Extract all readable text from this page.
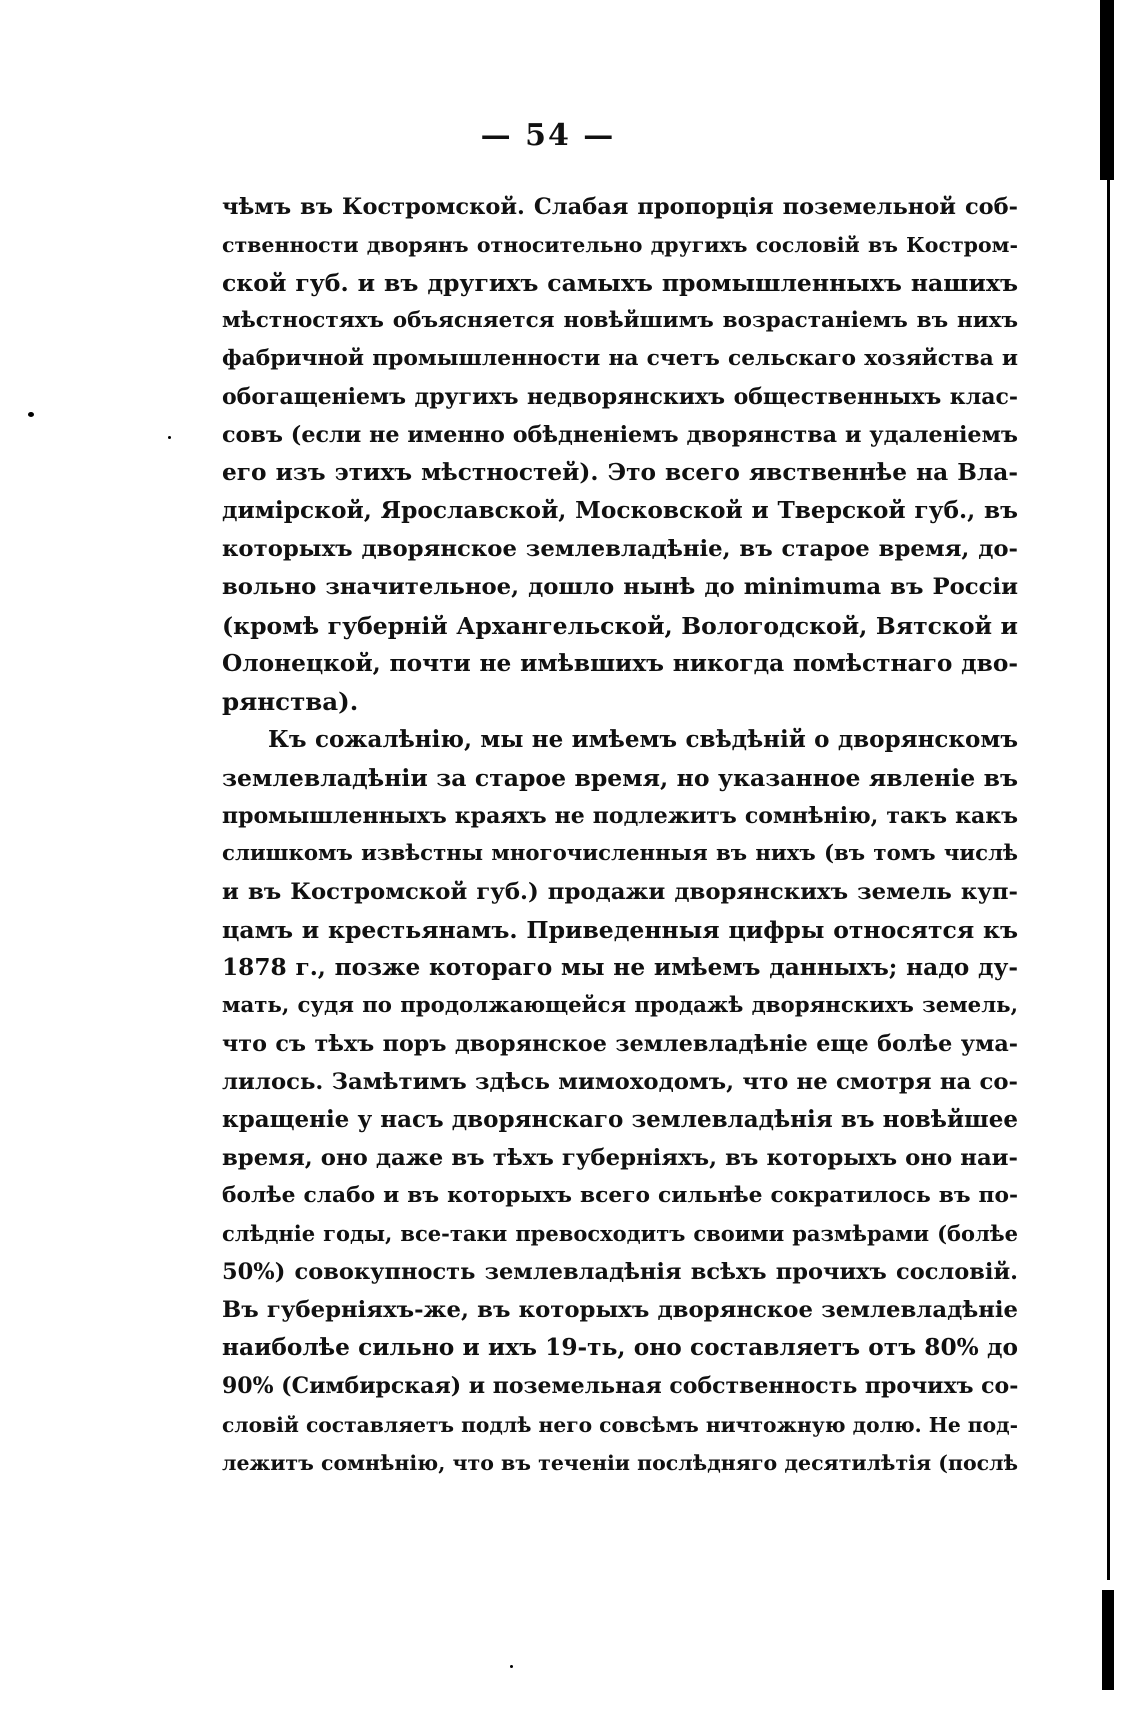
— 54 —
чѣмъ въ Костромской. Слабая пропорція поземельной соб-
ственности дворянъ относительно другихъ сословій въ Костром-
ской губ. и въ другихъ самыхъ промышленныхъ нашихъ
мѣстностяхъ объясняется новѣйшимъ возрастаніемъ въ нихъ
фабричной промышленности на счетъ сельскаго хозяйства и
обогащеніемъ другихъ недворянскихъ общественныхъ клас-
совъ (если не именно обѣдненіемъ дворянства и удаленіемъ
его изъ этихъ мѣстностей). Это всего явственнѣе на Вла-
димірской, Ярославской, Московской и Тверской губ., въ
которыхъ дворянское землевладѣніе, въ старое время, до-
вольно значительное, дошло нынѣ до minimuma въ Россіи
(кромѣ губерній Архангельской, Вологодской, Вятской и
Олонецкой, почти не имѣвшихъ никогда помѣстнаго дво-
рянства).
Къ сожалѣнію, мы не имѣемъ свѣдѣній о дворянскомъ
землевладѣніи за старое время, но указанное явленіе въ
промышленныхъ краяхъ не подлежитъ сомнѣнію, такъ какъ
слишкомъ извѣстны многочисленныя въ нихъ (въ томъ числѣ
и въ Костромской губ.) продажи дворянскихъ земель куп-
цамъ и крестьянамъ. Приведенныя цифры относятся къ
1878 г., позже котораго мы не имѣемъ данныхъ; надо ду-
мать, судя по продолжающейся продажѣ дворянскихъ земель,
что съ тѣхъ поръ дворянское землевладѣніе еще болѣе ума-
лилось. Замѣтимъ здѣсь мимоходомъ, что не смотря на со-
кращеніе у насъ дворянскаго землевладѣнія въ новѣйшее
время, оно даже въ тѣхъ губерніяхъ, въ которыхъ оно наи-
болѣе слабо и въ которыхъ всего сильнѣе сократилось въ по-
слѣдніе годы, все-таки превосходитъ своими размѣрами (болѣе
50%) совокупность землевладѣнія всѣхъ прочихъ сословій.
Въ губерніяхъ-же, въ которыхъ дворянское землевладѣніе
наиболѣе сильно и ихъ 19-ть, оно составляетъ отъ 80% до
90% (Симбирская) и поземельная собственность прочихъ со-
словій составляетъ подлѣ него совсѣмъ ничтожную долю. Не под-
лежитъ сомнѣнію, что въ теченіи послѣдняго десятилѣтія (послѣ
